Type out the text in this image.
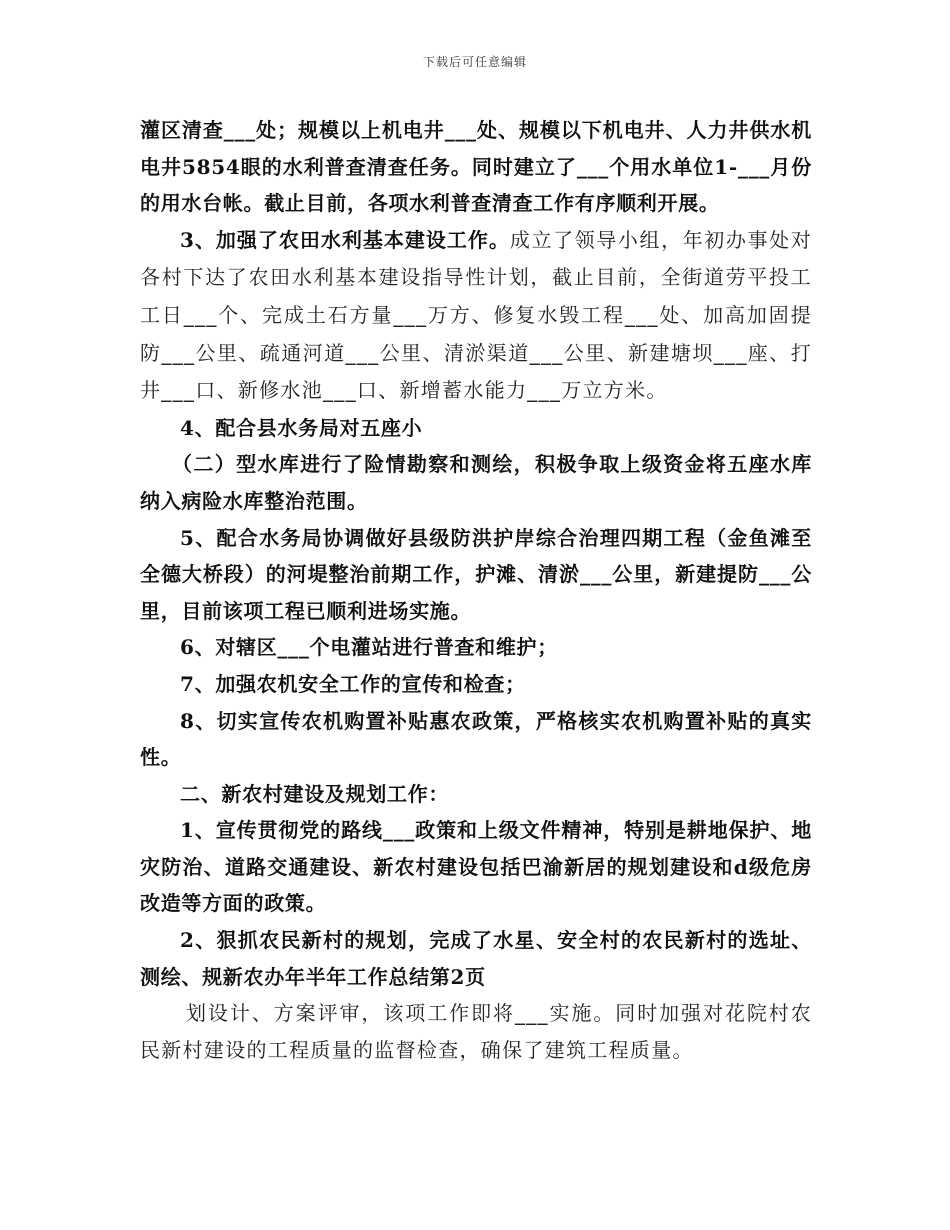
下载后可任意编辑

灌区清查___处；规模以上机电井___处、规模以下机电井、人力井供水机电井5854眼的水利普查清查任务。同时建立了___个用水单位1-___月份的用水台帐。截止目前，各项水利普查清查工作有序顺利开展。

3、加强了农田水利基本建设工作。成立了领导小组，年初办事处对各村下达了农田水利基本建设指导性计划，截止目前，全街道劳平投工工日___个、完成土石方量___万方、修复水毁工程___处、加高加固提防___公里、疏通河道___公里、清淤渠道___公里、新建塘坝___座、打井___口、新修水池___口、新增蓄水能力___万立方米。

4、配合县水务局对五座小

（二）型水库进行了险情勘察和测绘，积极争取上级资金将五座水库纳入病险水库整治范围。

5、配合水务局协调做好县级防洪护岸综合治理四期工程（金鱼滩至全德大桥段）的河堤整治前期工作，护滩、清淤___公里，新建提防___公里，目前该项工程已顺利进场实施。

6、对辖区___个电灌站进行普查和维护；

7、加强农机安全工作的宣传和检查；

8、切实宣传农机购置补贴惠农政策，严格核实农机购置补贴的真实性。

二、新农村建设及规划工作：

1、宣传贯彻党的路线___政策和上级文件精神，特别是耕地保护、地灾防治、道路交通建设、新农村建设包括巴渝新居的规划建设和d级危房改造等方面的政策。

2、狠抓农民新村的规划，完成了水星、安全村的农民新村的选址、测绘、规新农办年半年工作总结第2页

划设计、方案评审，该项工作即将___实施。同时加强对花院村农民新村建设的工程质量的监督检查，确保了建筑工程质量。
